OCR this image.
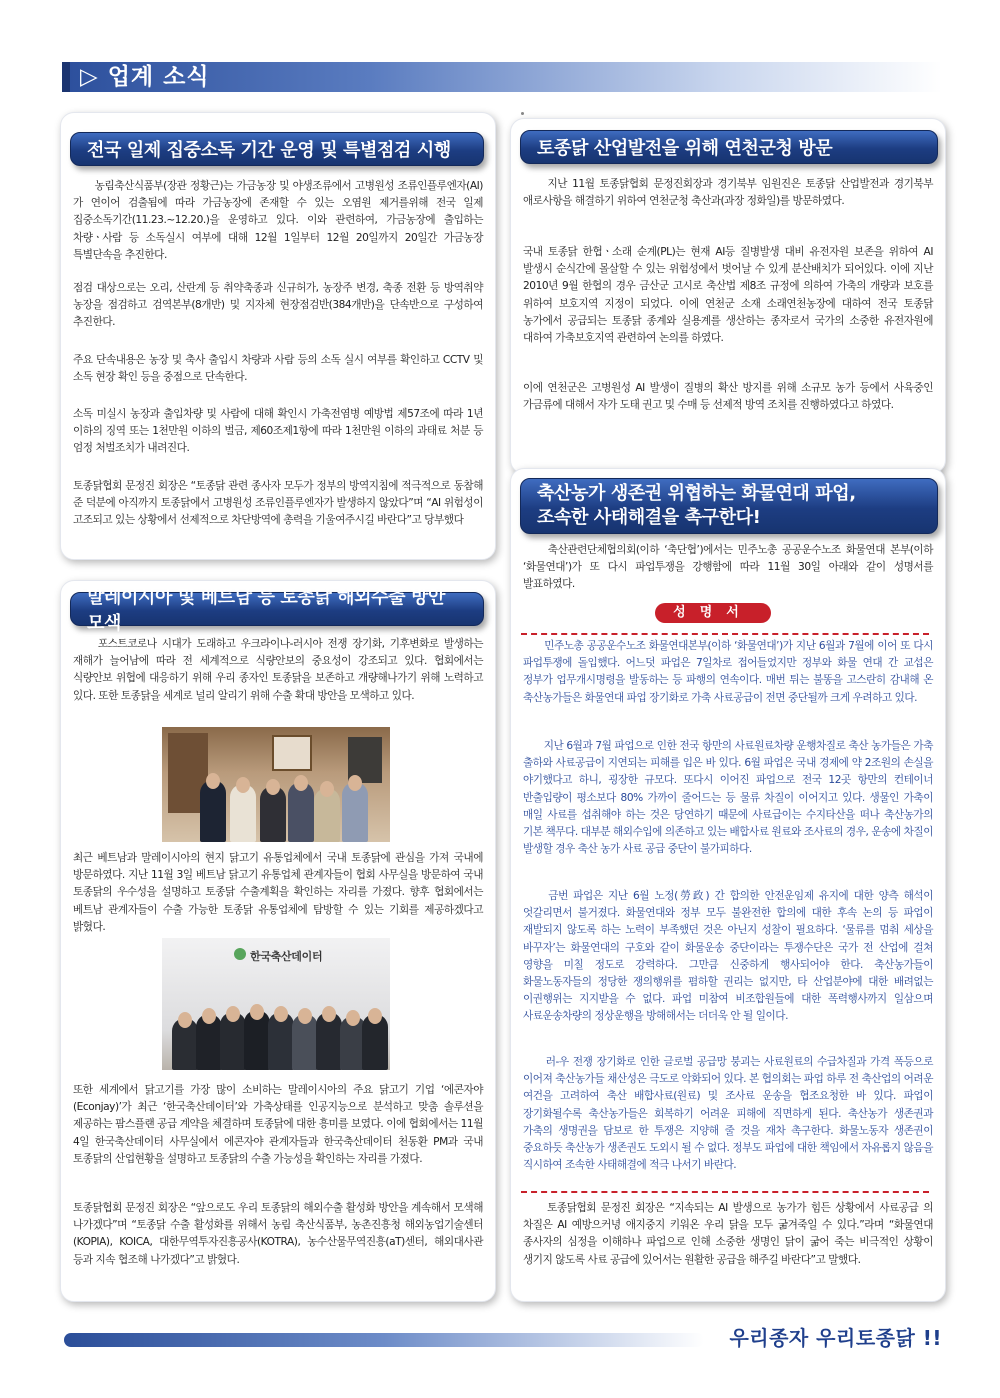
▷ 업계 소식
전국 일제 집중소독 기간 운영 및 특별점검 시행
　　농림축산식품부(장관 정황근)는 가금농장 및 야생조류에서 고병원성 조류인플루엔자(AI)가 연이어 검출됨에 따라 가금농장에 존재할 수 있는 오염원 제거를위해 전국 일제 집중소독기간(11.23.~12.20.)을 운영하고 있다. 이와 관련하여, 가금농장에 출입하는 차량ㆍ사람 등 소독실시 여부에 대해 12월 1일부터 12월 20일까지 20일간 가금농장 특별단속을 추진한다.
점검 대상으로는 오리, 산란계 등 취약축종과 신규허가, 농장주 변경, 축종 전환 등 방역취약 농장을 점검하고 검역본부(8개반) 및 지자체 현장점검반(384개반)을 단속반으로 구성하여 추진한다.
주요 단속내용은 농장 및 축사 출입시 차량과 사람 등의 소독 실시 여부를 확인하고 CCTV 및 소독 현장 확인 등을 중점으로 단속한다.
소독 미실시 농장과 출입차량 및 사람에 대해 확인시 가축전염병 예방법 제57조에 따라 1년 이하의 징역 또는 1천만원 이하의 벌금, 제60조제1항에 따라 1천만원 이하의 과태료 처분 등 엄정 처벌조치가 내려진다.
토종닭협회 문정진 회장은 “토종닭 관련 종사자 모두가 정부의 방역지침에 적극적으로 동참해 준 덕분에 아직까지 토종닭에서 고병원성 조류인플루엔자가 발생하지 않았다”며 “AI 위험성이 고조되고 있는 상황에서 선제적으로 차단방역에 총력을 기울여주시길 바란다”고 당부했다
말레이시아 및 베트남 등 토종닭 해외수출 방안 모색
　　포스트코로나 시대가 도래하고 우크라이나-러시아 전쟁 장기화, 기후변화로 발생하는 재해가 늘어남에 따라 전 세계적으로 식량안보의 중요성이 강조되고 있다. 협회에서는 식량안보 위협에 대응하기 위해 우리 종자인 토종닭을 보존하고 개량해나가기 위해 노력하고 있다. 또한 토종닭을 세계로 널리 알리기 위해 수출 확대 방안을 모색하고 있다.
최근 베트남과 말레이시아의 현지 닭고기 유통업체에서 국내 토종닭에 관심을 가져 국내에 방문하였다. 지난 11월 3일 베트남 닭고기 유통업체 관계자들이 협회 사무실을 방문하여 국내 토종닭의 우수성을 설명하고 토종닭 수출계획을 확인하는 자리를 가졌다. 향후 협회에서는 베트남 관계자들이 수출 가능한 토종닭 유통업체에 탐방할 수 있는 기회를 제공하겠다고 밝혔다.
한국축산데이터
또한 세계에서 닭고기를 가장 많이 소비하는 말레이시아의 주요 닭고기 기업 ‘에콘자야(Econjay)’가 최근 ‘한국축산데이터’와 가축상태를 인공지능으로 분석하고 맞춤 솔루션을 제공하는 팜스플랜 공급 계약을 체결하며 토종닭에 대한 흥미를 보였다. 이에 협회에서는 11월 4일 한국축산데이터 사무실에서 에콘자야 관계자들과 한국축산데이터 천동환 PM과 국내 토종닭의 산업현황을 설명하고 토종닭의 수출 가능성을 확인하는 자리를 가졌다.
토종닭협회 문정진 회장은 “앞으로도 우리 토종닭의 해외수출 활성화 방안을 계속해서 모색해 나가겠다”며 “토종닭 수출 활성화를 위해서 농림 축산식품부, 농촌진흥청 해외농업기술센터(KOPIA), KOICA, 대한무역투자진흥공사(KOTRA), 농수산물무역진흥(aT)센터, 해외대사관 등과 지속 협조해 나가겠다”고 밝혔다.
토종닭 산업발전을 위해 연천군청 방문
　　지난 11월 토종닭협회 문정진회장과 경기북부 임원진은 토종닭 산업발전과 경기북부 애로사항을 해결하기 위하여 연천군청 축산과(과장 정화일)를 방문하였다.
국내 토종닭 한협ㆍ소래 순계(PL)는 현재 AI등 질병발생 대비 유전자원 보존을 위하여 AI 발생시 순식간에 몰살할 수 있는 위험성에서 벗어날 수 있게 분산배치가 되어있다. 이에 지난 2010년 9월 한협의 경우 금산군 고시로 축산법 제8조 규정에 의하여 가축의 개량과 보호를 위하여 보호지역 지정이 되었다. 이에 연천군 소재 소래연천농장에 대하여 전국 토종닭 농가에서 공급되는 토종닭 종계와 실용계를 생산하는 종자로서 국가의 소중한 유전자원에 대하여 가축보호지역 관련하여 논의를 하였다.
이에 연천군은 고병원성 AI 발생이 질병의 확산 방지를 위해 소규모 농가 등에서 사육중인 가금류에 대해서 자가 도태 권고 및 수매 등 선제적 방역 조치를 진행하였다고 하였다.
축산농가 생존권 위협하는 화물연대 파업,
조속한 사태해결을 촉구한다!
　　축산관련단체협의회(이하 ‘축단협’)에서는 민주노총 공공운수노조 화물연대 본부(이하 ‘화물연대’)가 또 다시 파업투쟁을 강행함에 따라 11월 30일 아래와 같이 성명서를 발표하였다.
성명서
　　민주노총 공공운수노조 화물연대본부(이하 ‘화물연대’)가 지난 6월과 7월에 이어 또 다시 파업투쟁에 돌입했다. 어느덧 파업은 7일차로 접어들었지만 정부와 화물 연대 간 교섭은 정부가 업무개시명령을 발동하는 등 파행의 연속이다. 매번 튀는 불똥을 고스란히 감내해 온 축산농가들은 화물연대 파업 장기화로 가축 사료공급이 전면 중단될까 크게 우려하고 있다.
　　지난 6월과 7월 파업으로 인한 전국 항만의 사료원료차량 운행차질로 축산 농가들은 가축 출하와 사료공급이 지연되는 피해를 입은 바 있다. 6월 파업은 국내 경제에 약 2조원의 손실을 야기했다고 하니, 굉장한 규모다. 또다시 이어진 파업으로 전국 12곳 항만의 컨테이너 반출입량이 평소보다 80% 가까이 줄어드는 등 물류 차질이 이어지고 있다. 생물인 가축이 매일 사료를 섭취해야 하는 것은 당연하기 때문에 사료급이는 수지타산을 떠나 축산농가의 기본 책무다. 대부분 해외수입에 의존하고 있는 배합사료 원료와 조사료의 경우, 운송에 차질이 발생할 경우 축산 농가 사료 공급 중단이 불가피하다.
　　금번 파업은 지난 6월 노정(勞政) 간 합의한 안전운임제 유지에 대한 양측 해석이 엇갈리면서 불거졌다. 화물연대와 정부 모두 불완전한 합의에 대한 후속 논의 등 파업이 재발되지 않도록 하는 노력이 부족했던 것은 아닌지 성찰이 필요하다. ‘물류를 멈춰 세상을 바꾸자’는 화물연대의 구호와 같이 화물운송 중단이라는 투쟁수단은 국가 전 산업에 걸쳐 영향을 미칠 정도로 강력하다. 그만큼 신중하게 행사되어야 한다. 축산농가들이 화물노동자들의 정당한 쟁의행위를 폄하할 권리는 없지만, 타 산업분야에 대한 배려없는 이권행위는 지지받을 수 없다. 파업 미참여 비조합원들에 대한 폭력행사까지 일삼으며 사료운송차량의 정상운행을 방해해서는 더더욱 안 될 일이다.
　　러-우 전쟁 장기화로 인한 글로벌 공급망 붕괴는 사료원료의 수급차질과 가격 폭등으로 이어져 축산농가들 채산성은 극도로 악화되어 있다. 본 협의회는 파업 하루 전 축산업의 어려운 여건을 고려하여 축산 배합사료(원료) 및 조사료 운송을 협조요청한 바 있다. 파업이 장기화될수록 축산농가들은 회복하기 어려운 피해에 직면하게 된다. 축산농가 생존권과 가축의 생명권을 담보로 한 투쟁은 지양해 줄 것을 재차 촉구한다. 화물노동자 생존권이 중요하듯 축산농가 생존권도 도외시 될 수 없다. 정부도 파업에 대한 책임에서 자유롭지 않음을 직시하여 조속한 사태해결에 적극 나서기 바란다.
　　토종닭협회 문정진 회장은 “지속되는 AI 발생으로 농가가 힘든 상황에서 사료공급 의 차질은 AI 예방으커녕 애지중지 키워온 우리 닭을 모두 굶겨죽일 수 있다.”라며 “화물연대 종사자의 심정을 이해하나 파업으로 인해 소중한 생명인 닭이 굶어 죽는 비극적인 상황이 생기지 않도록 사료 공급에 있어서는 원활한 공급을 해주길 바란다”고 말했다.
우리종자 우리토종닭 !!
